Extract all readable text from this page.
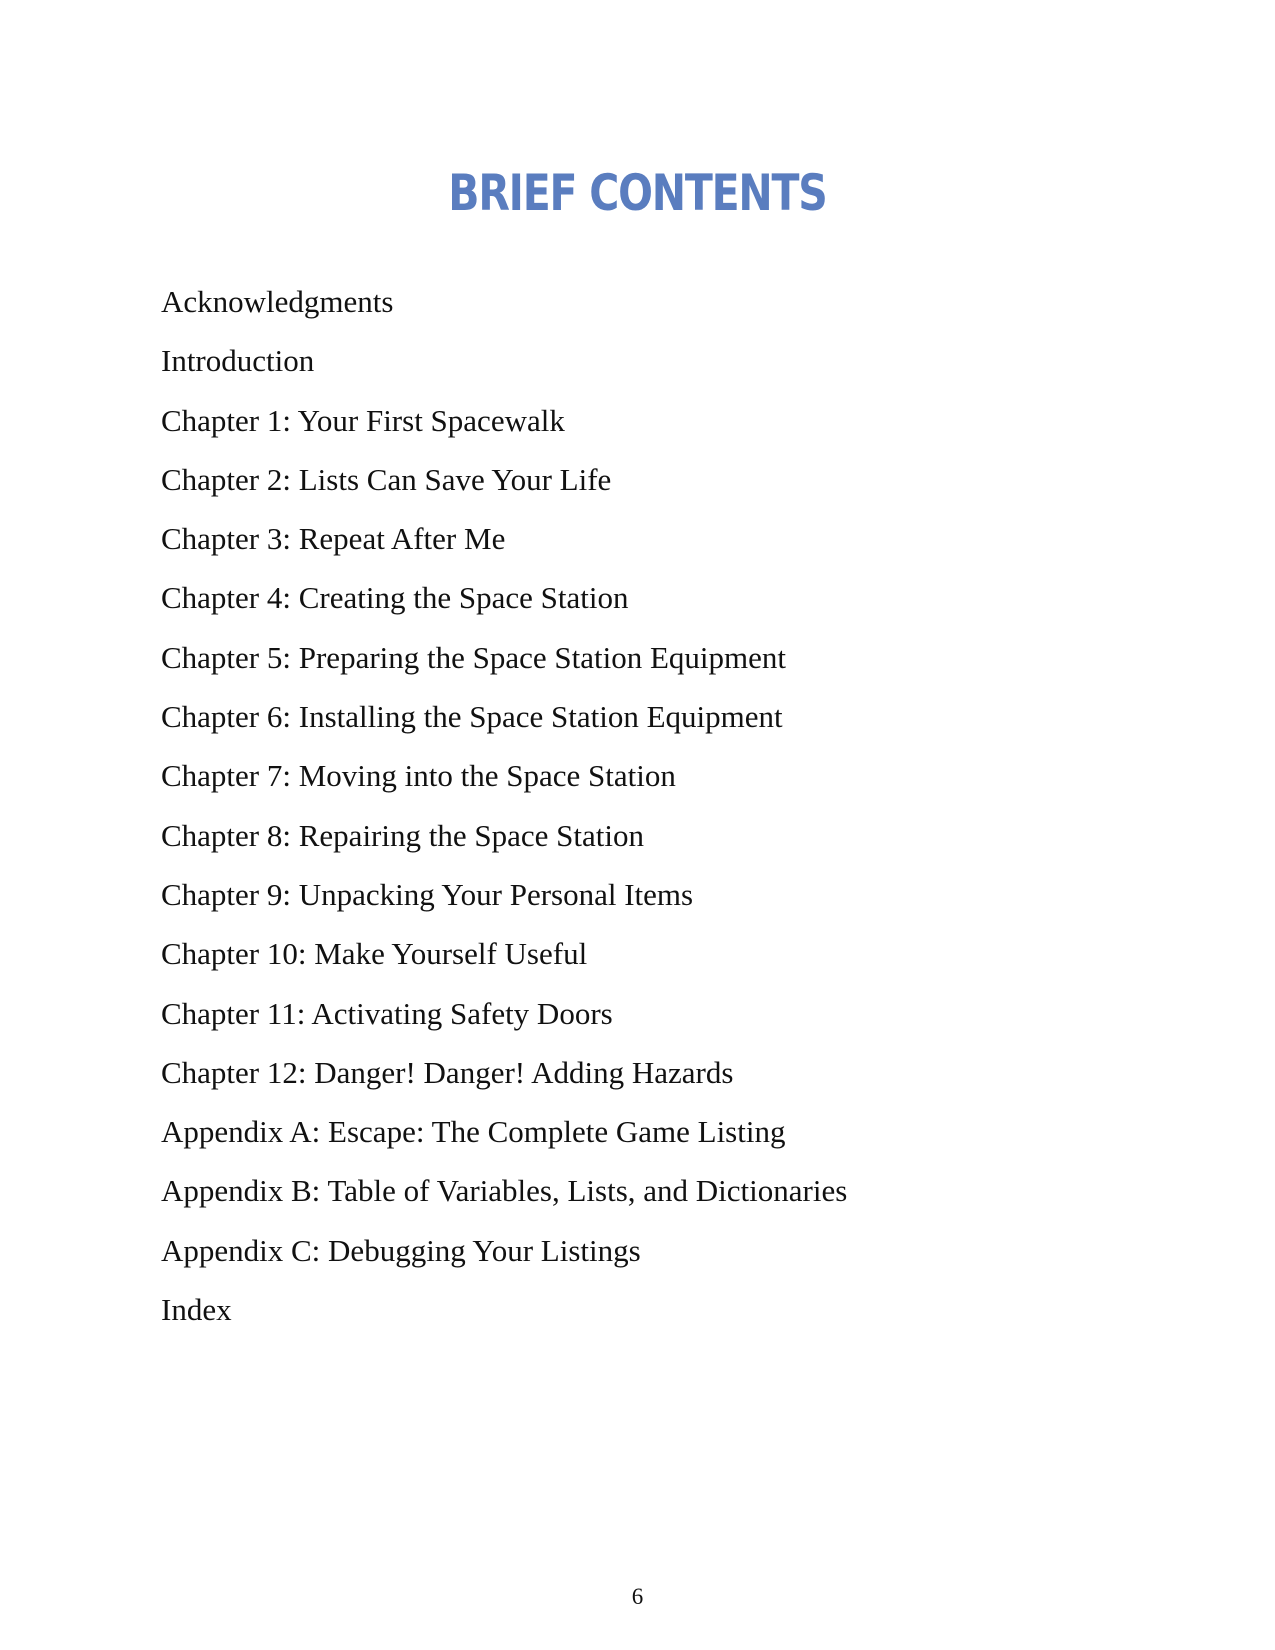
BRIEF CONTENTS
Acknowledgments
Introduction
Chapter 1: Your First Spacewalk
Chapter 2: Lists Can Save Your Life
Chapter 3: Repeat After Me
Chapter 4: Creating the Space Station
Chapter 5: Preparing the Space Station Equipment
Chapter 6: Installing the Space Station Equipment
Chapter 7: Moving into the Space Station
Chapter 8: Repairing the Space Station
Chapter 9: Unpacking Your Personal Items
Chapter 10: Make Yourself Useful
Chapter 11: Activating Safety Doors
Chapter 12: Danger! Danger! Adding Hazards
Appendix A: Escape: The Complete Game Listing
Appendix B: Table of Variables, Lists, and Dictionaries
Appendix C: Debugging Your Listings
Index
6
